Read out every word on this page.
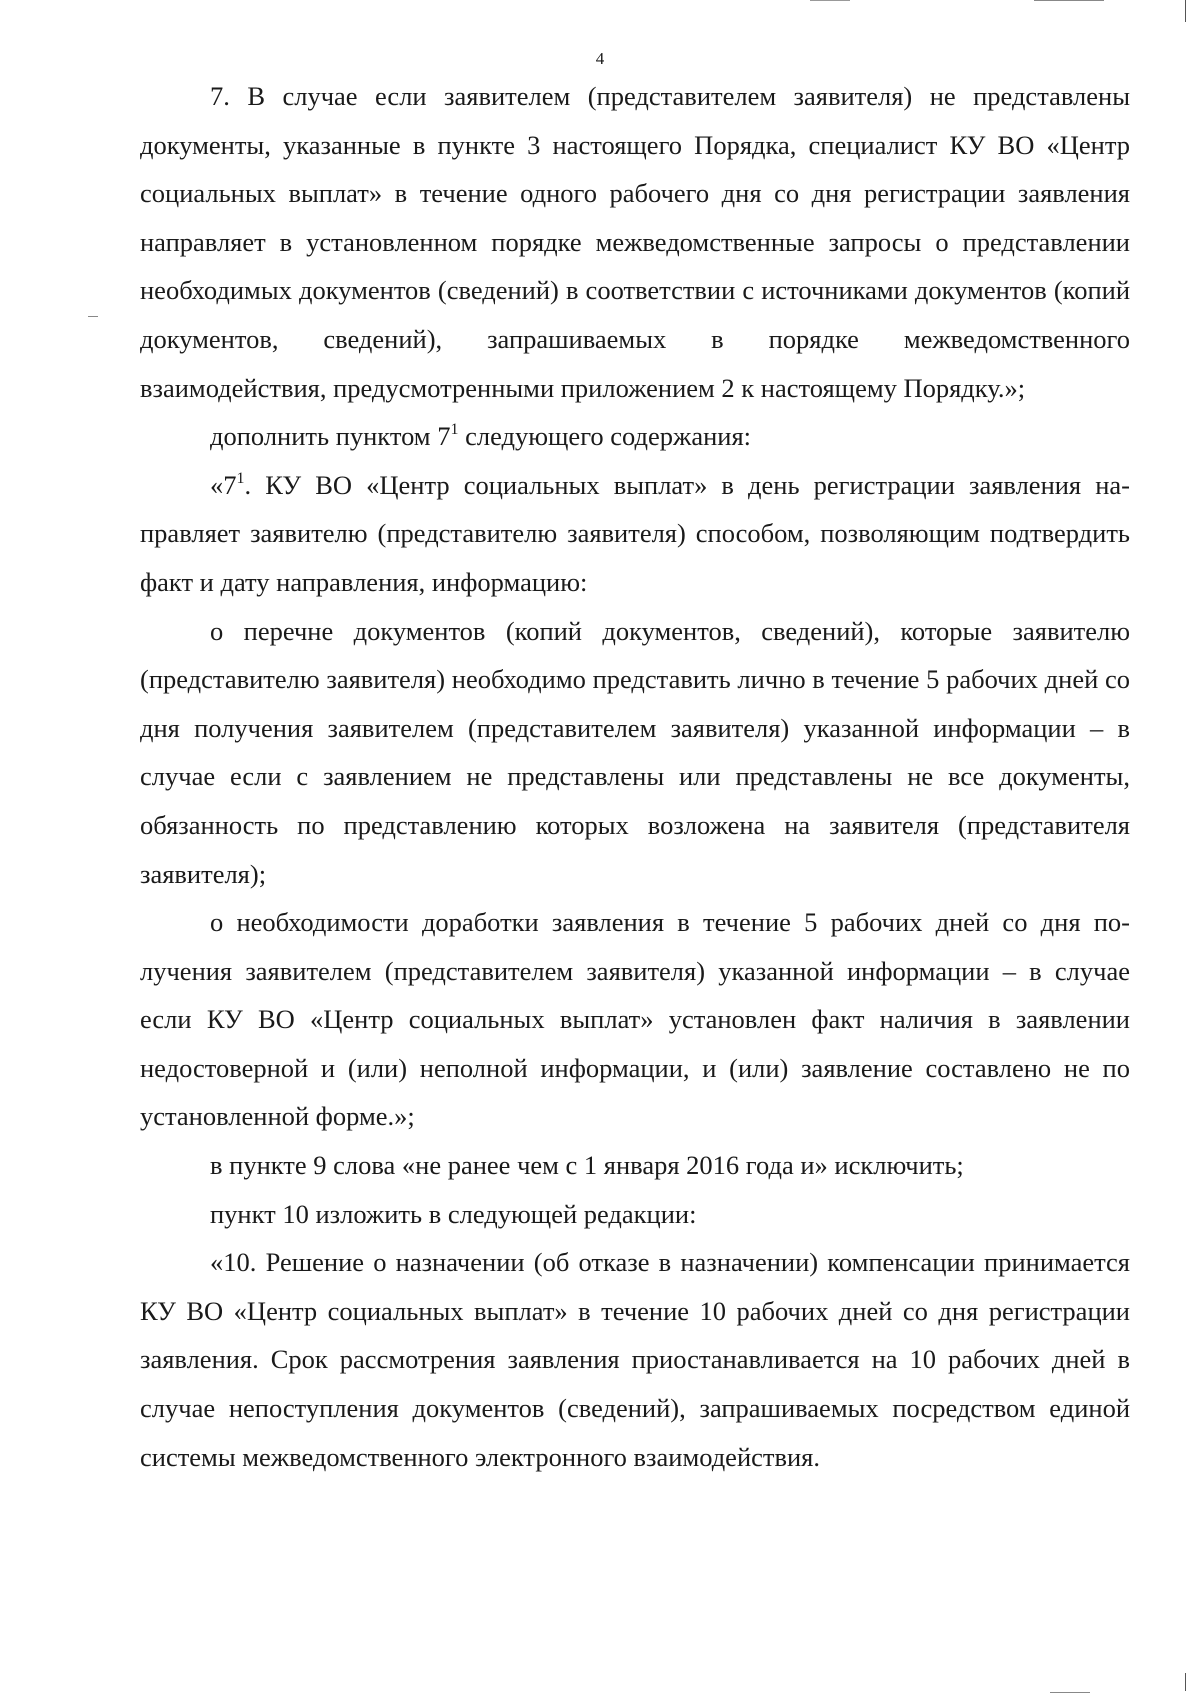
4

7. В случае если заявителем (представителем заявителя) не представлены документы, указанные в пункте 3 настоящего Порядка, специалист КУ ВО «Центр социальных выплат» в течение одного рабочего дня со дня регистрации заявления направляет в установленном порядке межведомственные запросы о представлении необходимых документов (сведений) в соответствии с источниками документов (копий документов, сведений), запрашиваемых в порядке межведомственного взаимодействия, предусмотренными приложением 2 к настоящему Порядку.»;

дополнить пунктом $7^1$ следующего содержания:

«$7^1$. КУ ВО «Центр социальных выплат» в день регистрации заявления направляет заявителю (представителю заявителя) способом, позволяющим подтвердить факт и дату направления, информацию:

о перечне документов (копий документов, сведений), которые заявителю (представителю заявителя) необходимо представить лично в течение 5 рабочих дней со дня получения заявителем (представителем заявителя) указанной информации – в случае если с заявлением не представлены или представлены не все документы, обязанность по представлению которых возложена на заявителя (представителя заявителя);

о необходимости доработки заявления в течение 5 рабочих дней со дня получения заявителем (представителем заявителя) указанной информации – в случае если КУ ВО «Центр социальных выплат» установлен факт наличия в заявлении недостоверной и (или) неполной информации, и (или) заявление составлено не по установленной форме.»;

в пункте 9 слова «не ранее чем с 1 января 2016 года и» исключить;

пункт 10 изложить в следующей редакции:

«10. Решение о назначении (об отказе в назначении) компенсации принимается КУ ВО «Центр социальных выплат» в течение 10 рабочих дней со дня регистрации заявления. Срок рассмотрения заявления приостанавливается на 10 рабочих дней в случае непоступления документов (сведений), запрашиваемых посредством единой системы межведомственного электронного взаимодействия.
